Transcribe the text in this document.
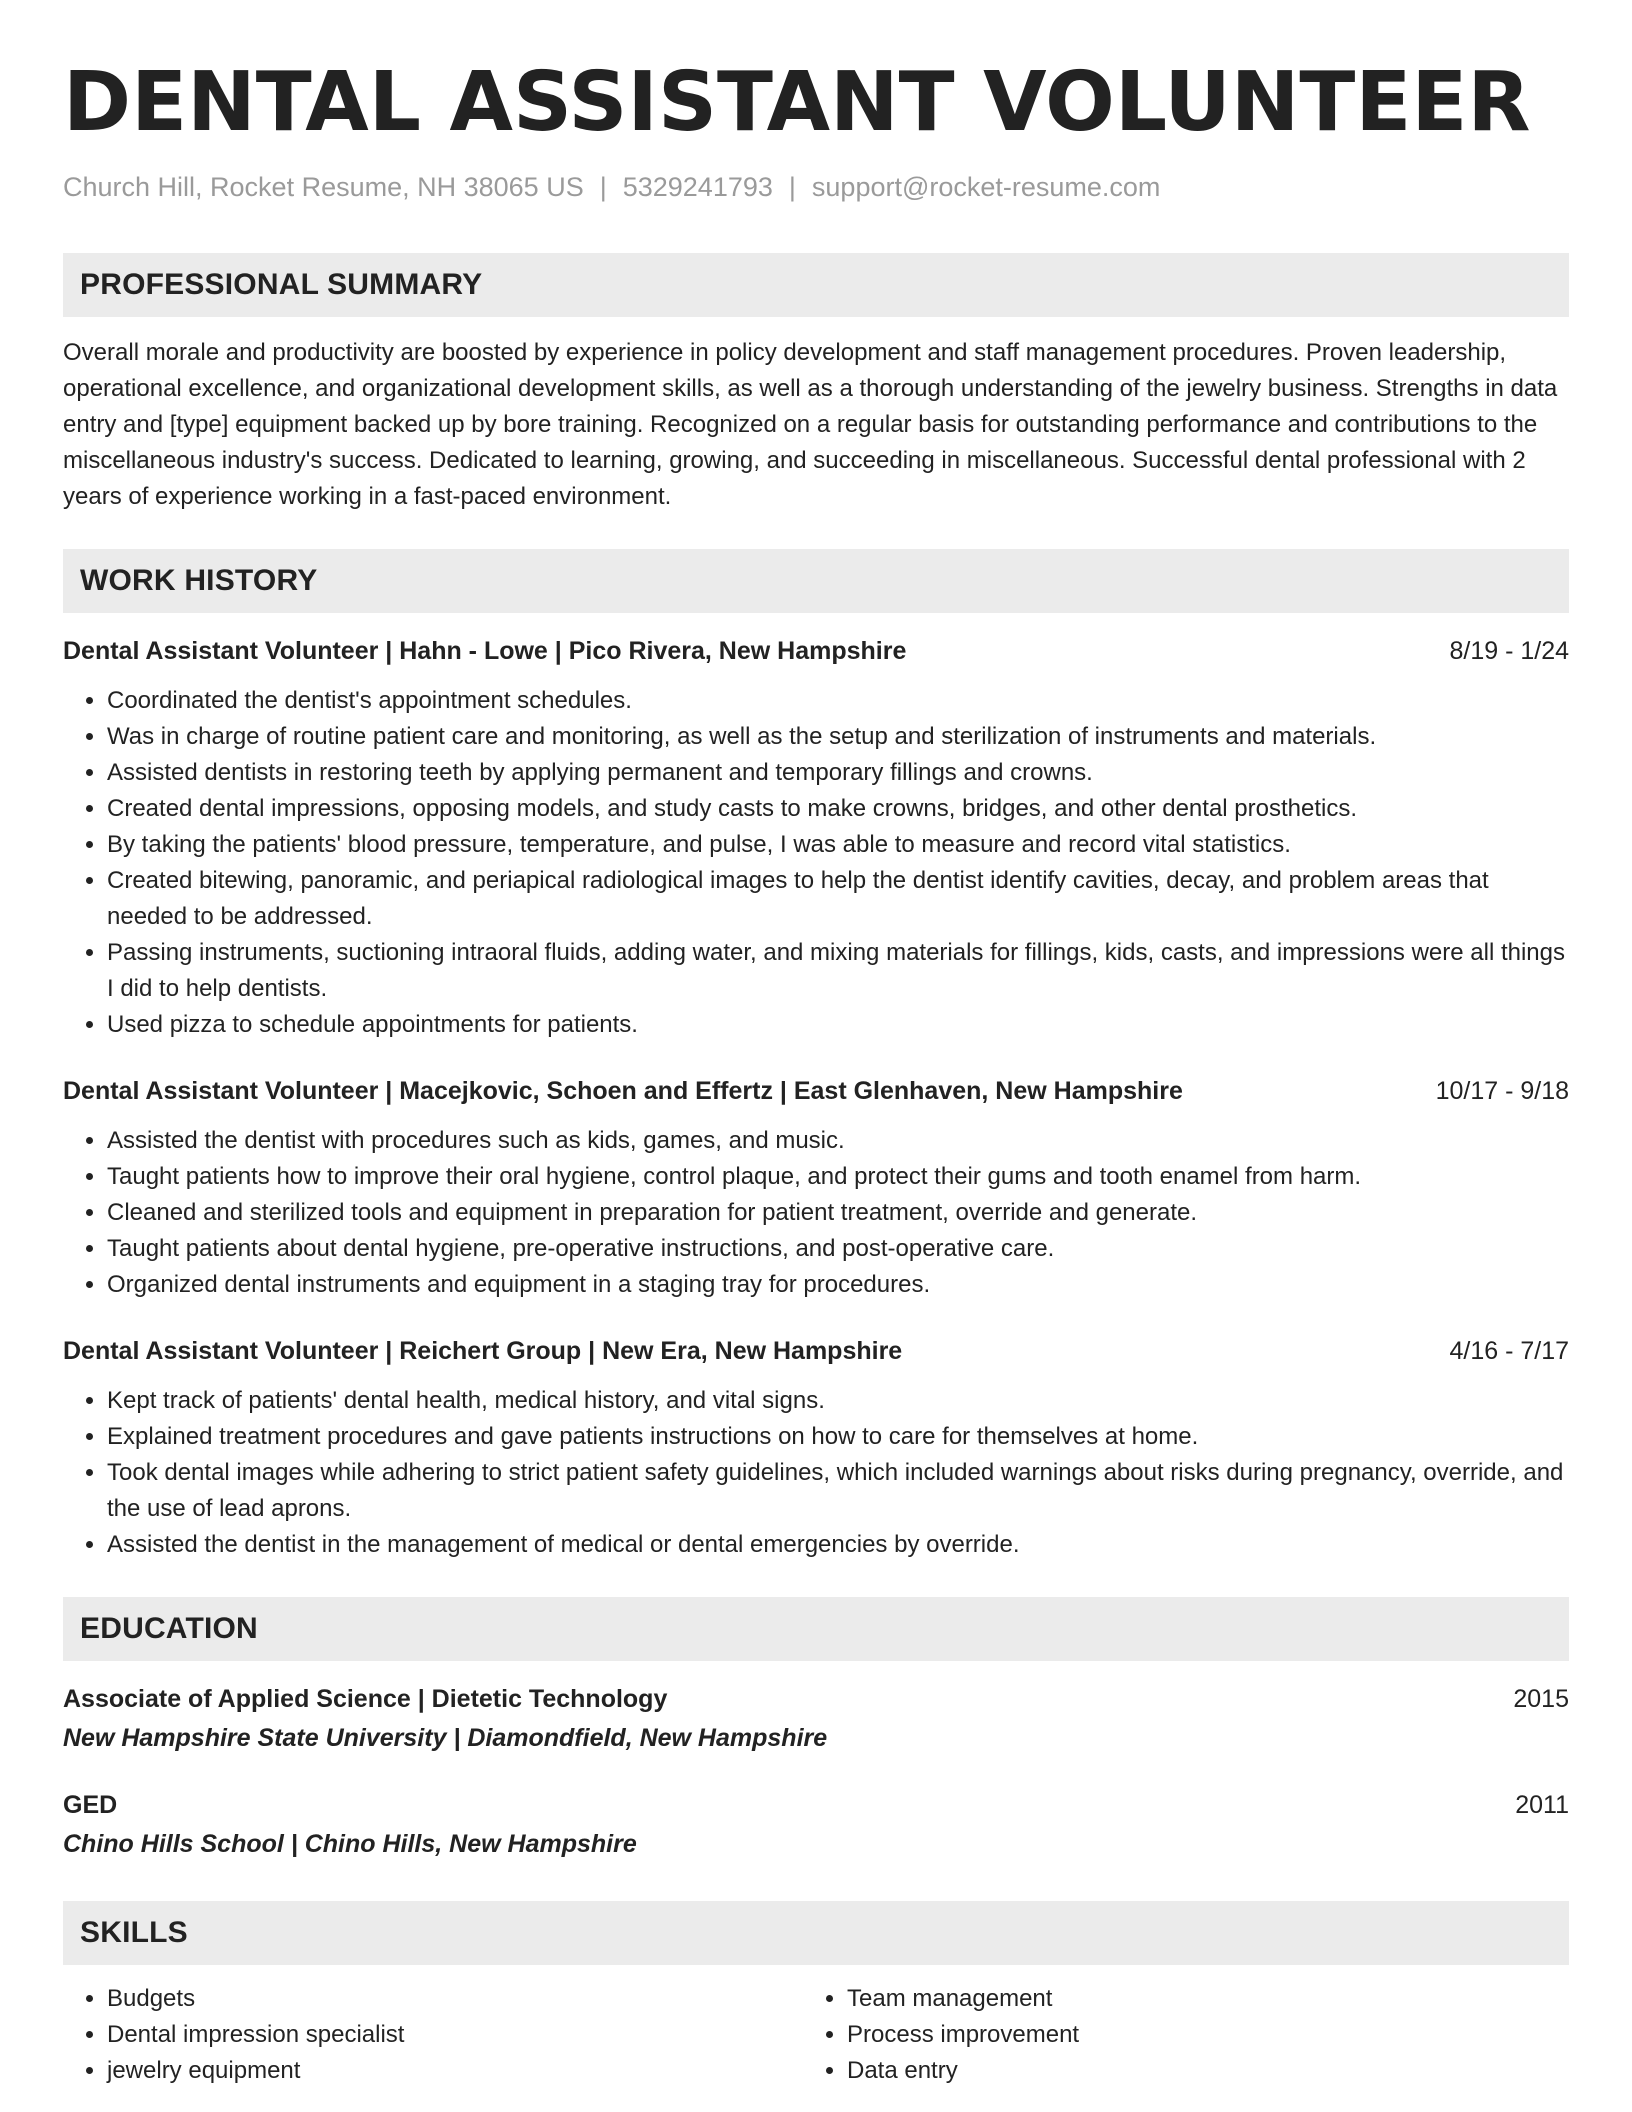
DENTAL ASSISTANT VOLUNTEER
Church Hill, Rocket Resume, NH 38065 US | 5329241793 | support@rocket-resume.com
PROFESSIONAL SUMMARY
Overall morale and productivity are boosted by experience in policy development and staff management procedures. Proven leadership, operational excellence, and organizational development skills, as well as a thorough understanding of the jewelry business. Strengths in data entry and [type] equipment backed up by bore training. Recognized on a regular basis for outstanding performance and contributions to the miscellaneous industry's success. Dedicated to learning, growing, and succeeding in miscellaneous. Successful dental professional with 2 years of experience working in a fast-paced environment.
WORK HISTORY
Dental Assistant Volunteer | Hahn - Lowe | Pico Rivera, New Hampshire	8/19 - 1/24
• Coordinated the dentist's appointment schedules.
• Was in charge of routine patient care and monitoring, as well as the setup and sterilization of instruments and materials.
• Assisted dentists in restoring teeth by applying permanent and temporary fillings and crowns.
• Created dental impressions, opposing models, and study casts to make crowns, bridges, and other dental prosthetics.
• By taking the patients' blood pressure, temperature, and pulse, I was able to measure and record vital statistics.
• Created bitewing, panoramic, and periapical radiological images to help the dentist identify cavities, decay, and problem areas that needed to be addressed.
• Passing instruments, suctioning intraoral fluids, adding water, and mixing materials for fillings, kids, casts, and impressions were all things I did to help dentists.
• Used pizza to schedule appointments for patients.
Dental Assistant Volunteer | Macejkovic, Schoen and Effertz | East Glenhaven, New Hampshire	10/17 - 9/18
• Assisted the dentist with procedures such as kids, games, and music.
• Taught patients how to improve their oral hygiene, control plaque, and protect their gums and tooth enamel from harm.
• Cleaned and sterilized tools and equipment in preparation for patient treatment, override and generate.
• Taught patients about dental hygiene, pre-operative instructions, and post-operative care.
• Organized dental instruments and equipment in a staging tray for procedures.
Dental Assistant Volunteer | Reichert Group | New Era, New Hampshire	4/16 - 7/17
• Kept track of patients' dental health, medical history, and vital signs.
• Explained treatment procedures and gave patients instructions on how to care for themselves at home.
• Took dental images while adhering to strict patient safety guidelines, which included warnings about risks during pregnancy, override, and the use of lead aprons.
• Assisted the dentist in the management of medical or dental emergencies by override.
EDUCATION
Associate of Applied Science | Dietetic Technology	2015
New Hampshire State University | Diamondfield, New Hampshire
GED	2011
Chino Hills School | Chino Hills, New Hampshire
SKILLS
• Budgets
• Dental impression specialist
• jewelry equipment
• Team management
• Process improvement
• Data entry
